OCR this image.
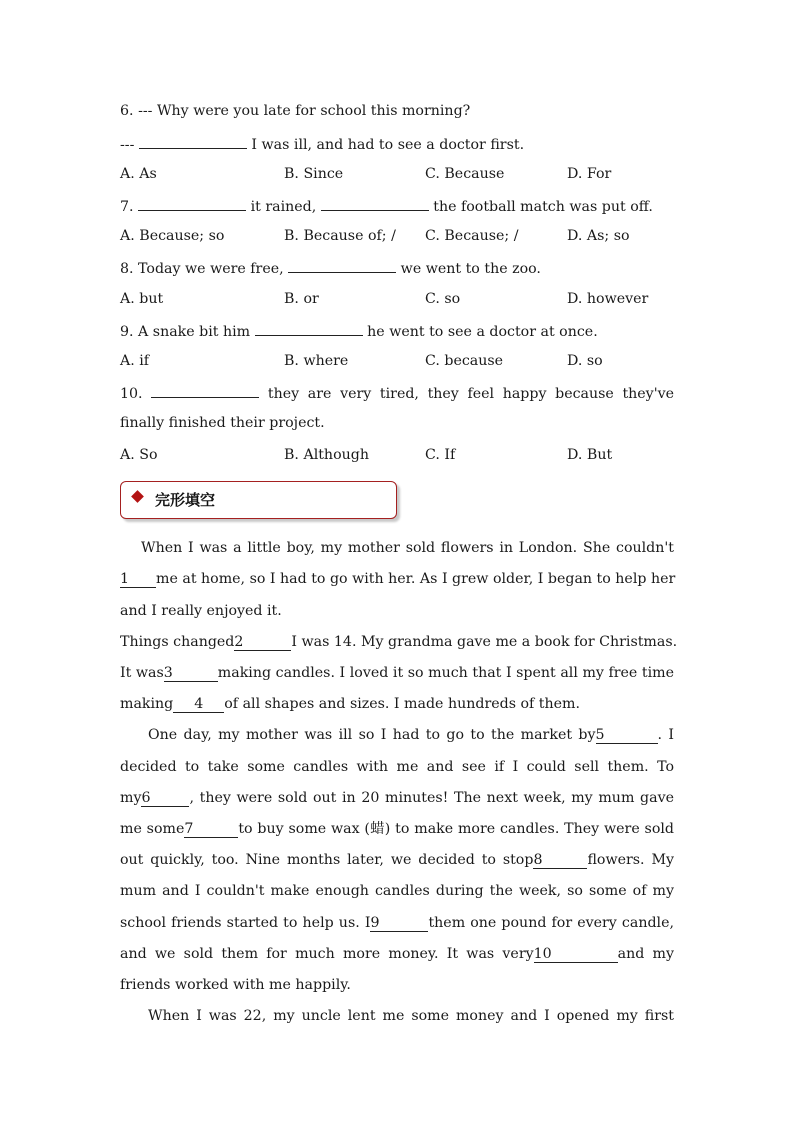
6. --- Why were you late for school this morning?
---	I was ill, and had to see a doctor first.
A. As	B. Since	C. Because	D. For
7.	it rained,	the football match was put off.
A. Because; so	B. Because of; / C. Because; /	D. As; so
8. Today we were free,	we went to the zoo.
A. but	B. or	C. so	D. however
9. A snake bit him	he went to see a doctor at once.
A. if	B. where	C. because	D. so
10.	they are very tired, they feel happy because they've
finally finished their project.
A. So	B. Although	C. If	D. But
完形填空
When I was a little boy, my mother sold flowers in London. She couldn't
1 me at home, so I had to go with her. As I grew older, I began to help her
and I really enjoyed it.
Things changed2	I was 14. My grandma gave me a book for Christmas.
It was3	making candles. I loved it so much that I spent all my free time
making 4 of all shapes and sizes. I made hundreds of them.
One day, my mother was ill so I had to go to the market by5	. I
decided to take some candles with me and see if I could sell them. To
my6	, they were sold out in 20 minutes! The next week, my mum gave
me some7	to buy some wax (蜡) to make more candles. They were sold
out quickly, too. Nine months later, we decided to stop8	flowers. My
mum and I couldn't make enough candles during the week, so some of my
school friends started to help us. I9	them one pound for every candle,
and we sold them for much more money. It was very10	and my
friends worked with me happily.
When I was 22, my uncle lent me some money and I opened my first
